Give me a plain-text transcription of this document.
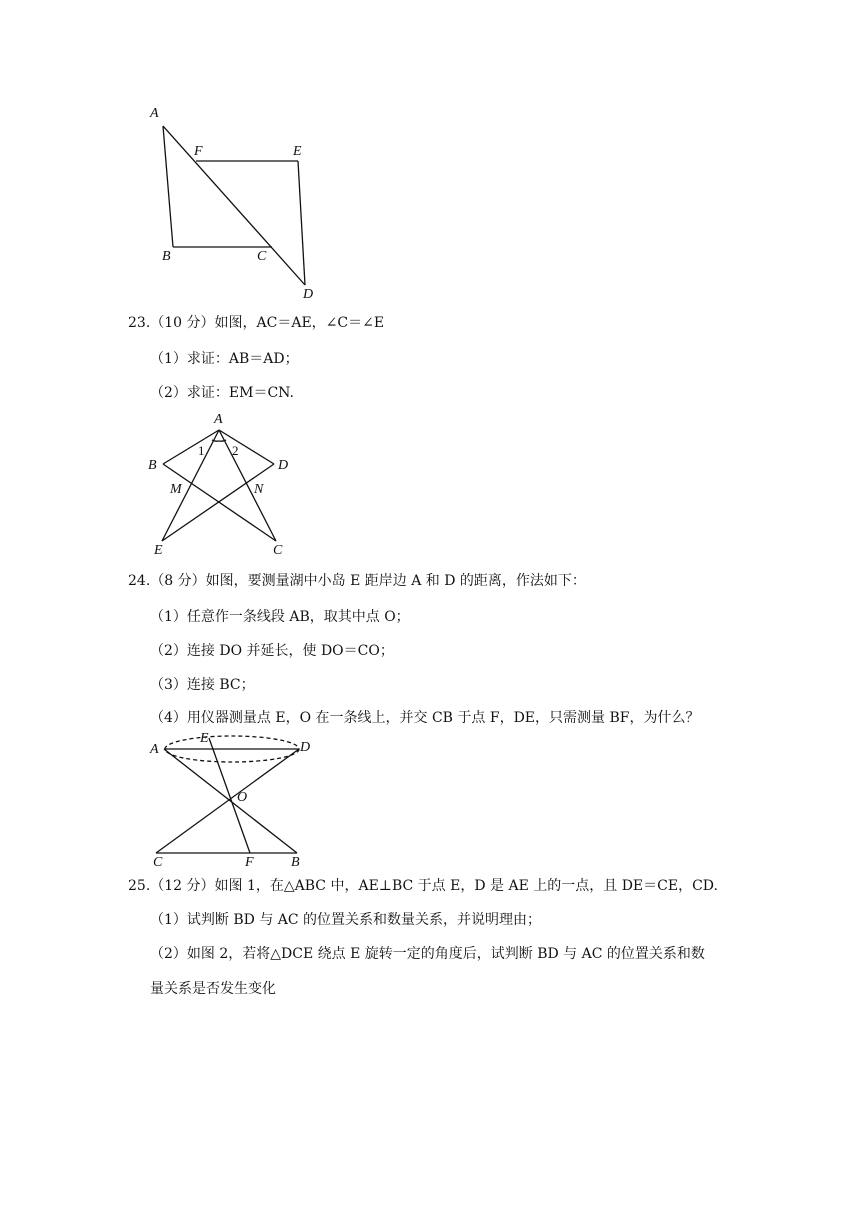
A
F	E
B	C
D
23.（10 分）如图，AC＝AE，∠C＝∠E
（1）求证：AB＝AD；
（2）求证：EM＝CN.
A
B	D
1 2
M	N
E	C
24.（8 分）如图，要测量湖中小岛 E 距岸边 A 和 D 的距离，作法如下：
（1）任意作一条线段 AB，取其中点 O；
（2）连接 DO 并延长，使 DO＝CO；
（3）连接 BC；
（4）用仪器测量点 E，O 在一条线上，并交 CB 于点 F，DE，只需测量 BF，为什么？
A
E
D
O
C	F	B
25.（12 分）如图 1，在△ABC 中，AE⊥BC 于点 E，D 是 AE 上的一点，且 DE＝CE，CD.
（1）试判断 BD 与 AC 的位置关系和数量关系，并说明理由；
（2）如图 2，若将△DCE 绕点 E 旋转一定的角度后，试判断 BD 与 AC 的位置关系和数
量关系是否发生变化
